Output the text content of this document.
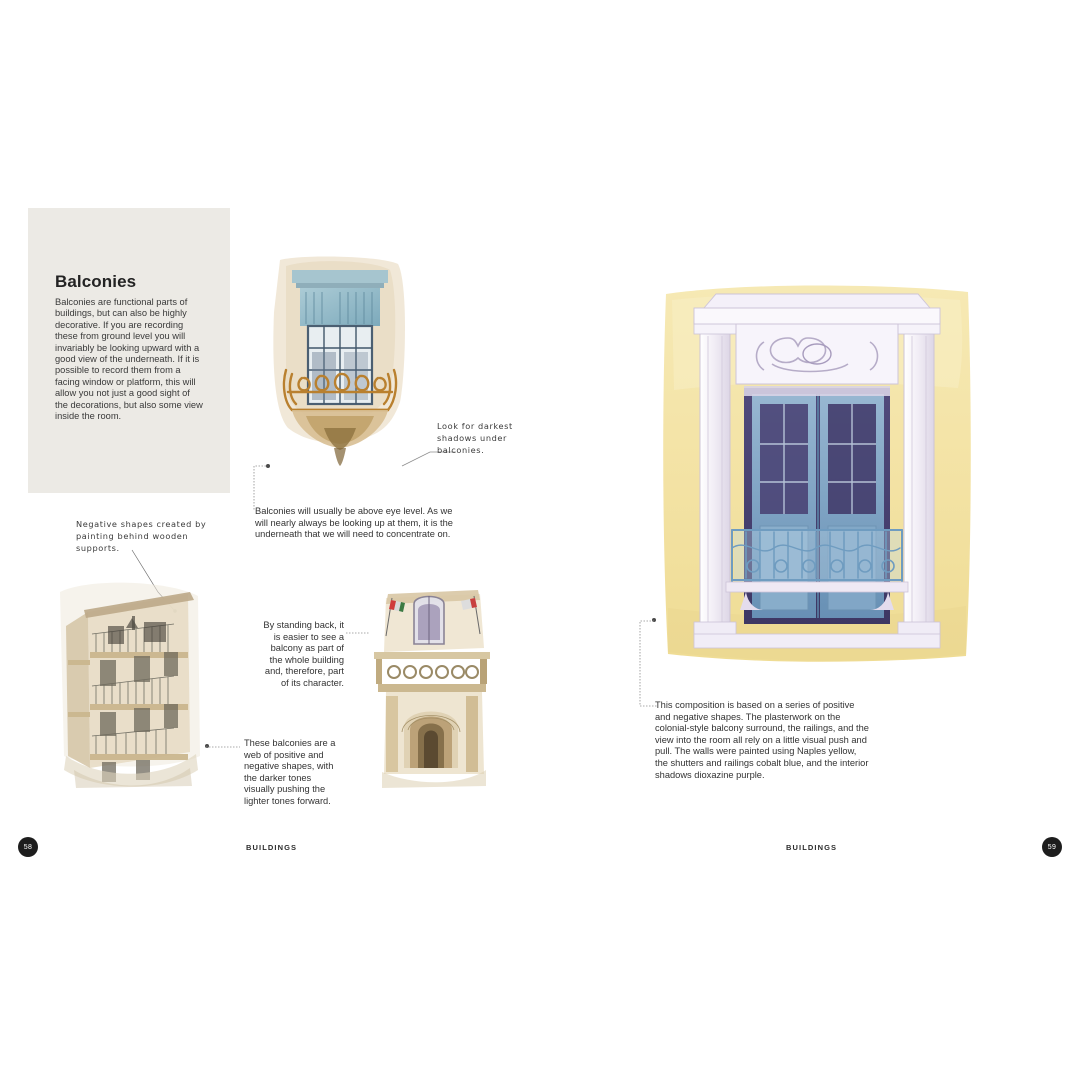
Balconies
Balconies are functional parts of buildings, but can also be highly decorative. If you are recording these from ground level you will invariably be looking upward with a good view of the underneath. If it is possible to record them from a facing window or platform, this will allow you not just a good sight of the decorations, but also some view inside the room.
Look for darkest shadows under balconies.
Balconies will usually be above eye level. As we will nearly always be looking up at them, it is the underneath that we will need to concentrate on.
Negative shapes created by painting behind wooden supports.
These balconies are a web of positive and negative shapes, with the darker tones visually pushing the lighter tones forward.
By standing back, it is easier to see a balcony as part of the whole building and, therefore, part of its character.
58	BUILDINGS
This composition is based on a series of positive and negative shapes. The plasterwork on the colonial-style balcony surround, the railings, and the view into the room all rely on a little visual push and pull. The walls were painted using Naples yellow, the shutters and railings cobalt blue, and the interior shadows dioxazine purple.
59
BUILDINGS
